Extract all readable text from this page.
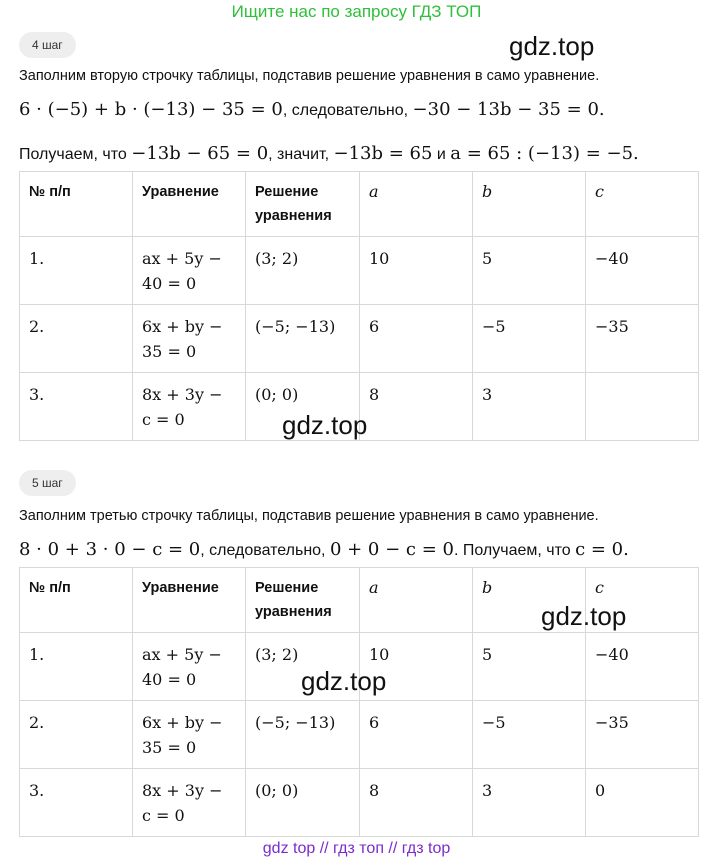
Ищите нас по запросу ГДЗ ТОП
4 шаг	gdz.top
Заполним вторую строчку таблицы, подставив решение уравнения в само уравнение.
6 · (−5) + b · (−13) − 35 = 0, следовательно, −30 − 13b − 35 = 0.
Получаем, что −13b − 65 = 0, значит, −13b = 65 и a = 65 : (−13) = −5.
№ п/п	Уравнение	Решение
уравнения	a	b	c
1.	ax + 5y −
40 = 0	(3; 2)	10	5	−40
2.	6x + by −
35 = 0	(−5; −13)	6	−5	−35
3.	8x + 3y −
c = 0	(0; 0)	8	3	
gdz.top
5 шаг
Заполним третью строчку таблицы, подставив решение уравнения в само уравнение.
8 · 0 + 3 · 0 − c = 0, следовательно, 0 + 0 − c = 0. Получаем, что c = 0.
№ п/п	Уравнение	Решение
уравнения	a	b	c
1.	ax + 5y −
40 = 0	(3; 2)	10	5	−40
2.	6x + by −
35 = 0	(−5; −13)	6	−5	−35
3.	8x + 3y −
c = 0	(0; 0)	8	3	0
gdz.top
gdz.top
gdz top // гдз топ // гдз top
